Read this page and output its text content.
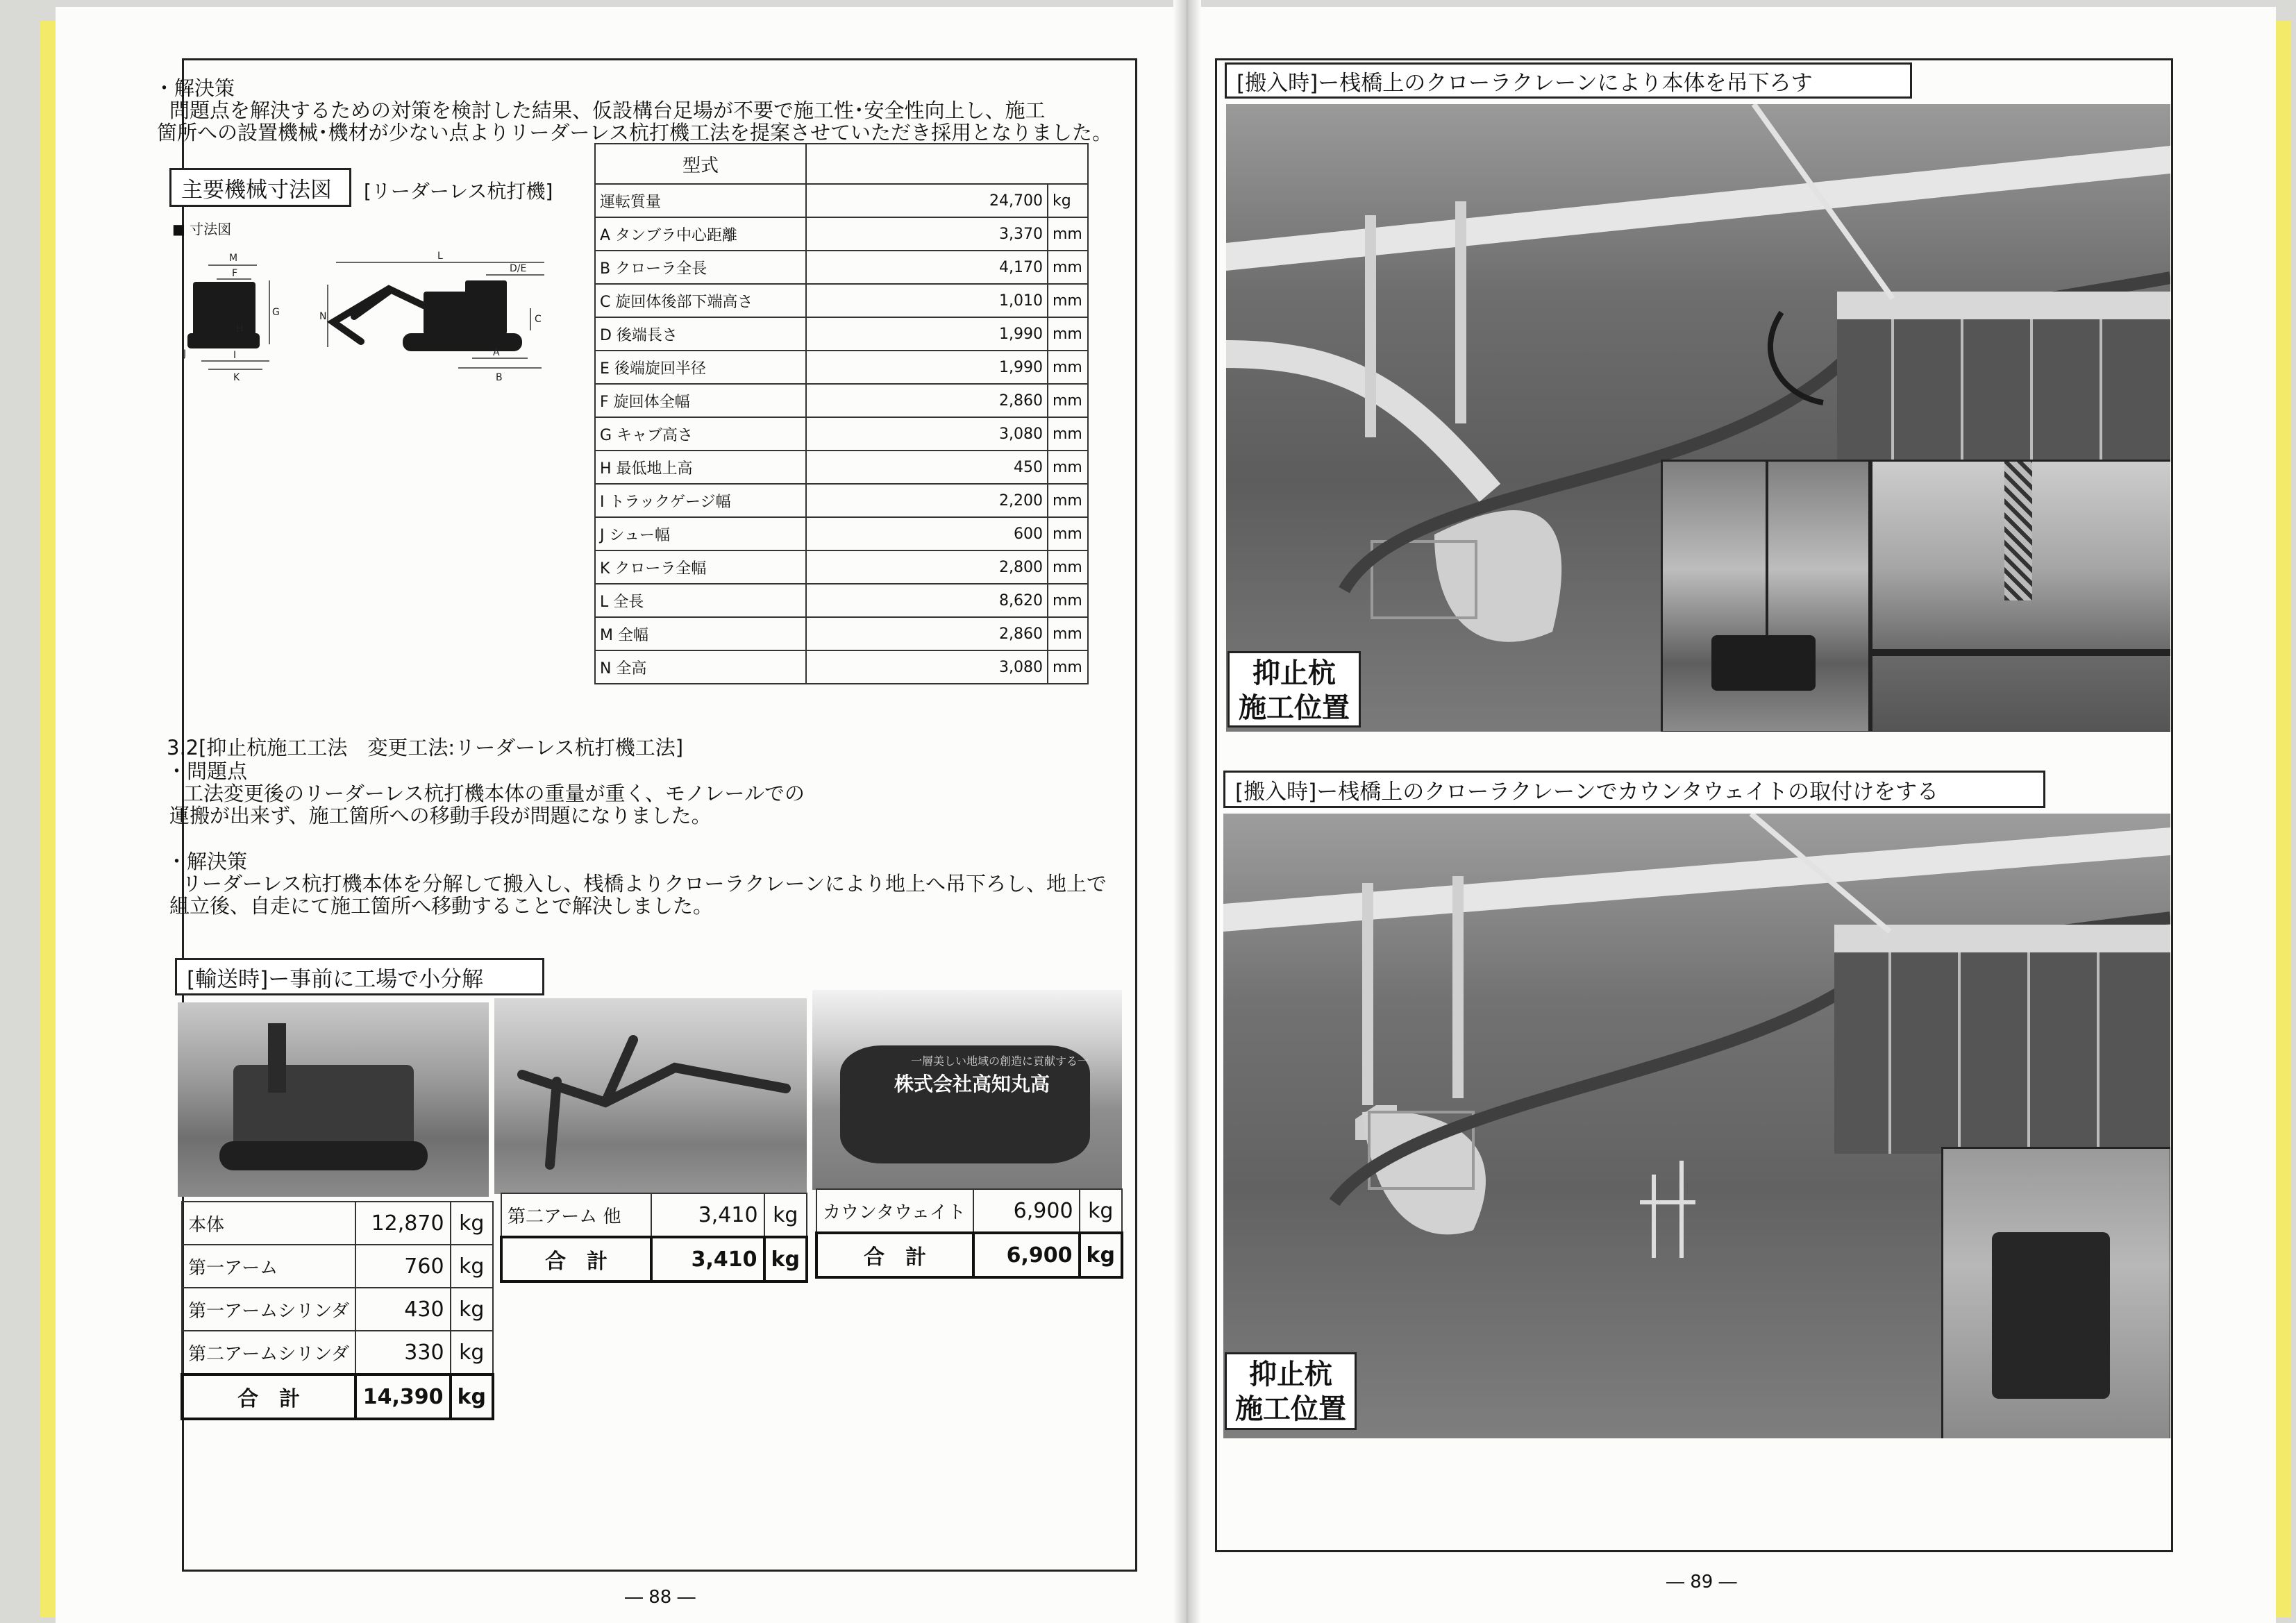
・解決策

問題点を解決するための対策を検討した結果、仮設構台足場が不要で施工性･安全性向上し、施工

箇所への設置機械･機材が少ない点よりリーダーレス杭打機工法を提案させていただき採用となりました。

主要機械寸法図	[リーダーレス杭打機]
■ 寸法図
M
F
G
H
J	I
K
L
D/E
N
A
B
C
型式		
運転質量	24,700	kg
A タンブラ中心距離	3,370	mm
B クローラ全長	4,170	mm
C 旋回体後部下端高さ	1,010	mm
D 後端長さ	1,990	mm
E 後端旋回半径	1,990	mm
F 旋回体全幅	2,860	mm
G キャブ高さ	3,080	mm
H 最低地上高	450	mm
I トラックゲージ幅	2,200	mm
J シュー幅	600	mm
K クローラ全幅	2,800	mm
L 全長	8,620	mm
M 全幅	2,860	mm
N 全高	3,080	mm

3.2[抑止杭施工工法　変更工法:リーダーレス杭打機工法]

・問題点

工法変更後のリーダーレス杭打機本体の重量が重く、モノレールでの

運搬が出来ず、施工箇所への移動手段が問題になりました。

・解決策

リーダーレス杭打機本体を分解して搬入し、桟橋よりクローラクレーンにより地上へ吊下ろし、地上で

組立後、自走にて施工箇所へ移動することで解決しました。

[輸送時]ー事前に工場で小分解
一層美しい地域の創造に貢献する一
株式会社高知丸高
本体	12,870	kg
第一アーム	760	kg
第一アームシリンダ	430	kg
第二アームシリンダ	330	kg
合　計	14,390	kg
第二アーム 他	3,410	kg
合　計	3,410	kg
カウンタウェイト	6,900	kg
合　計	6,900	kg
― 88 ―
[搬入時]ー桟橋上のクローラクレーンにより本体を吊下ろす
抑止杭
施工位置
[搬入時]ー桟橋上のクローラクレーンでカウンタウェイトの取付けをする
抑止杭
施工位置
― 89 ―
